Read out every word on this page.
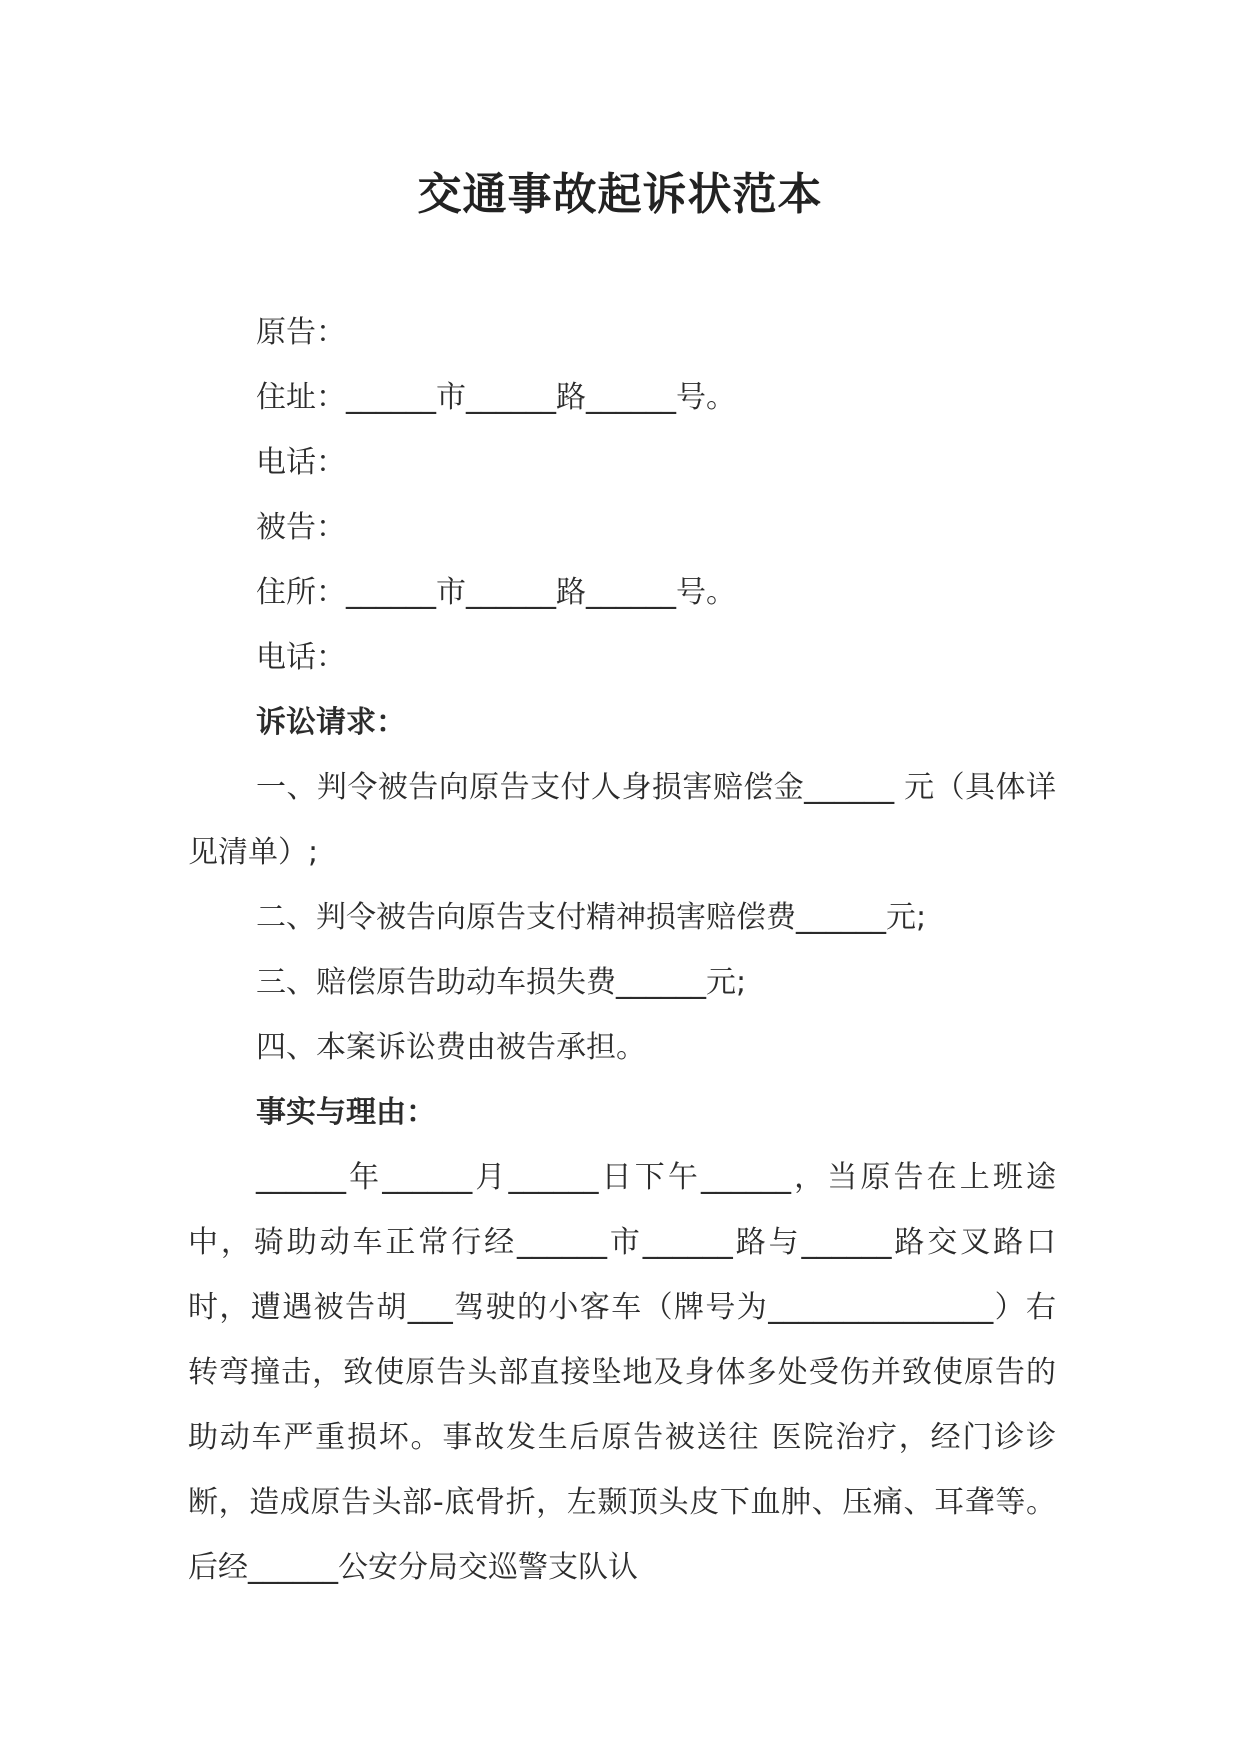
交通事故起诉状范本

原告：

住址：______市______路______号。

电话：

被告：

住所：______市______路______号。

电话：

诉讼请求：

一、判令被告向原告支付人身损害赔偿金______ 元（具体详见清单）;

二、判令被告向原告支付精神损害赔偿费______元;

三、赔偿原告助动车损失费______元;

四、本案诉讼费由被告承担。

事实与理由：

______年______月______日下午______，当原告在上班途中，骑助动车正常行经______市______路与______路交叉路口时，遭遇被告胡___驾驶的小客车（牌号为_______________）右转弯撞击，致使原告头部直接坠地及身体多处受伤并致使原告的助动车严重损坏。事故发生后原告被送往 医院治疗，经门诊诊断，造成原告头部-底骨折，左颞顶头皮下血肿、压痛、耳聋等。后经______公安分局交巡警支队认
